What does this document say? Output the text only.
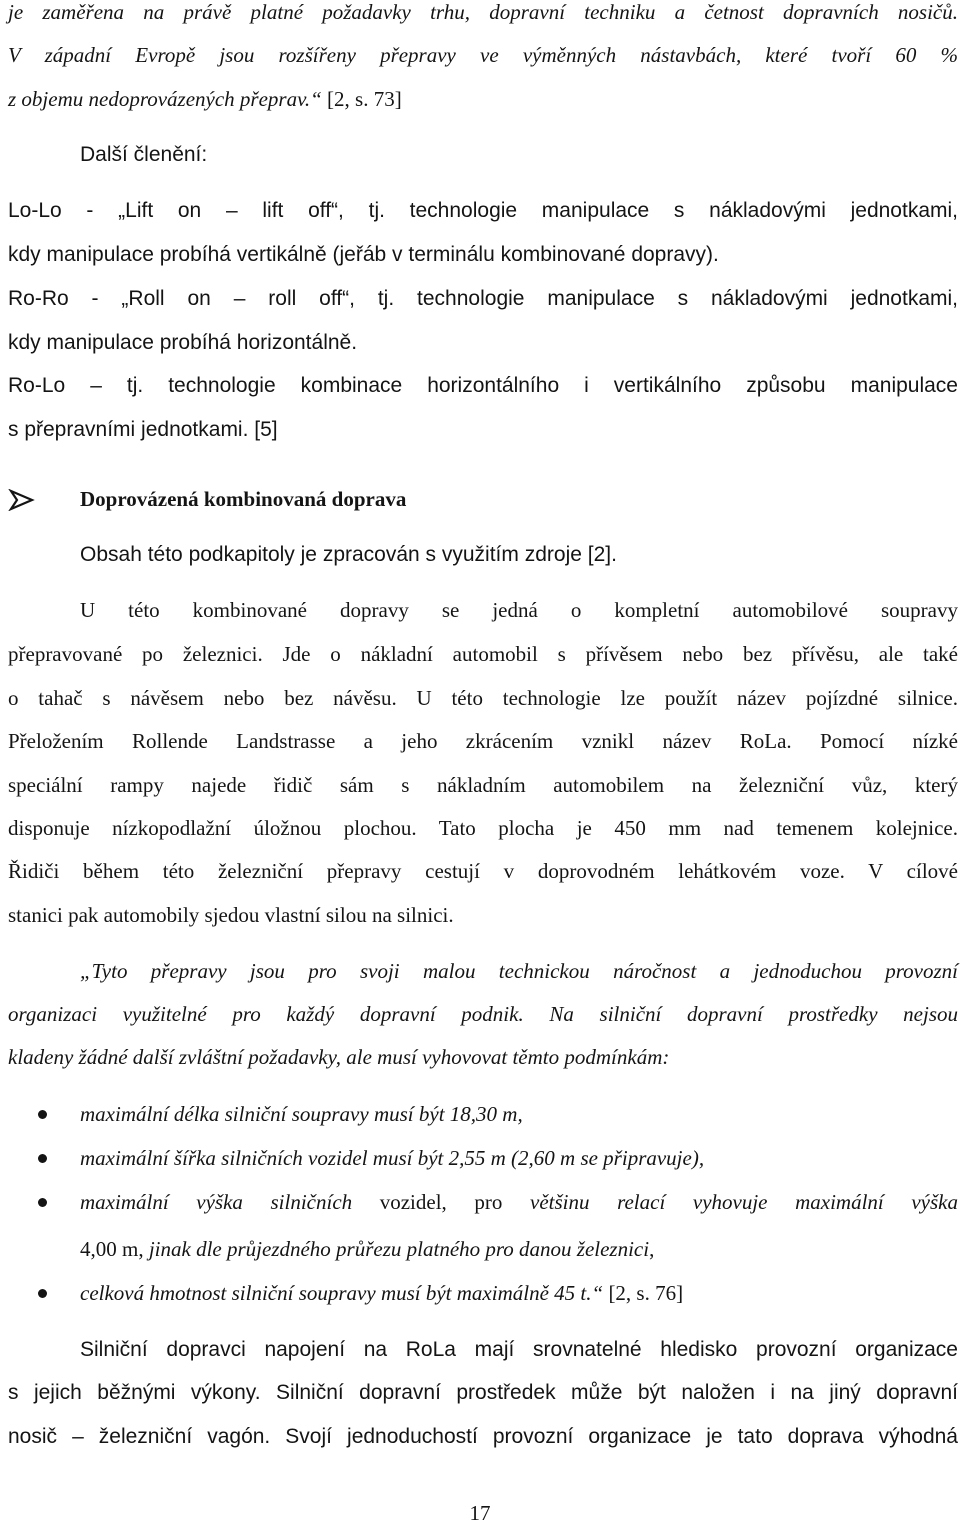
je zaměřena na právě platné požadavky trhu, dopravní techniku a četnost dopravních nosičů.
V západní Evropě jsou rozšířeny přepravy ve výměnných nástavbách, které tvoří 60 %
z objemu nedoprovázených přeprav.“ [2, s. 73]
Další členění:
Lo-Lo - „Lift on – lift off“, tj. technologie manipulace s nákladovými jednotkami,
kdy manipulace probíhá vertikálně (jeřáb v terminálu kombinované dopravy).
Ro-Ro - „Roll on – roll off“, tj. technologie manipulace s nákladovými jednotkami,
kdy manipulace probíhá horizontálně.
Ro-Lo – tj. technologie kombinace horizontálního i vertikálního způsobu manipulace
s přepravními jednotkami. [5]
Doprovázená kombinovaná doprava
Obsah této podkapitoly je zpracován s využitím zdroje [2].
U této kombinované dopravy se jedná o kompletní automobilové soupravy
přepravované po železnici. Jde o nákladní automobil s přívěsem nebo bez přívěsu, ale také
o tahač s návěsem nebo bez návěsu. U této technologie lze použít název pojízdné silnice.
Přeložením Rollende Landstrasse a jeho zkrácením vznikl název RoLa. Pomocí nízké
speciální rampy najede řidič sám s nákladním automobilem na železniční vůz, který
disponuje nízkopodlažní úložnou plochou. Tato plocha je 450 mm nad temenem kolejnice.
Řidiči během této železniční přepravy cestují v doprovodném lehátkovém voze. V cílové
stanici pak automobily sjedou vlastní silou na silnici.
„Tyto přepravy jsou pro svoji malou technickou náročnost a jednoduchou provozní
organizaci využitelné pro každý dopravní podnik. Na silniční dopravní prostředky nejsou
kladeny žádné další zvláštní požadavky, ale musí vyhovovat těmto podmínkám:
maximální délka silniční soupravy musí být 18,30 m,
maximální šířka silničních vozidel musí být 2,55 m (2,60 m se připravuje),
maximální výška silničních vozidel, pro většinu relací vyhovuje maximální výška
4,00 m, jinak dle průjezdného průřezu platného pro danou železnici,
celková hmotnost silniční soupravy musí být maximálně 45 t.“ [2, s. 76]
Silniční dopravci napojení na RoLa mají srovnatelné hledisko provozní organizace
s jejich běžnými výkony. Silniční dopravní prostředek může být naložen i na jiný dopravní
nosič – železniční vagón. Svojí jednoduchostí provozní organizace je tato doprava výhodná
17
